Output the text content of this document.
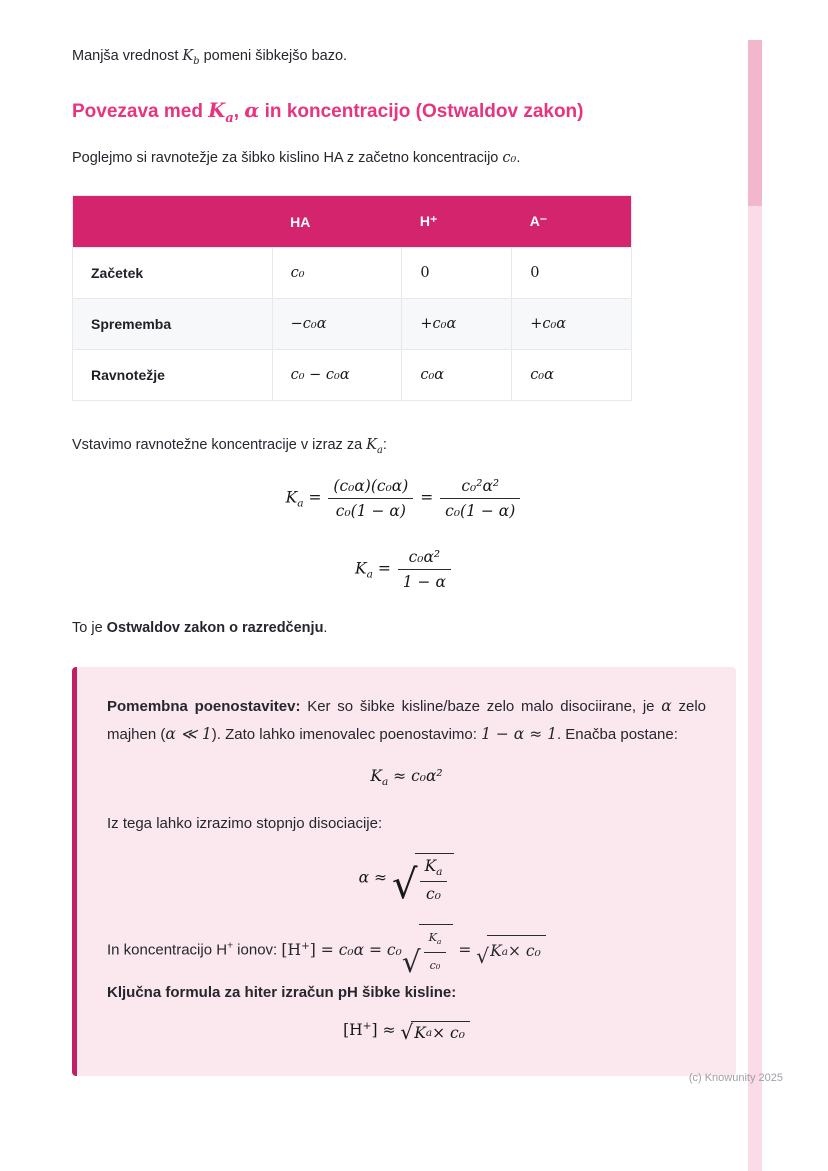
Manjša vrednost $K_b$ pomeni šibkejšo bazo.

Povezava med $K_a$, α in koncentracijo (Ostwaldov zakon)

Poglejmo si ravnotežje za šibko kislino HA z začetno koncentracijo c₀.

	HA	H⁺	A⁻
Začetek	c₀	0	0
Sprememba	−c₀α	+c₀α	+c₀α
Ravnotežje	c₀ − c₀α	c₀α	c₀α

Vstavimo ravnotežne koncentracije v izraz za $K_a$:

$K_a = \frac{\text{(c₀α)(c₀α)}}{\text{c₀(1 − α)}} = \frac{\text{c₀²α²}}{\text{c₀(1 − α)}}$
$K_a = \frac{\text{c₀α²}}{1 - \alpha}$

To je Ostwaldov zakon o razredčenju.

Pomembna poenostavitev: Ker so šibke kisline/baze zelo malo disociirane, je α zelo majhen (α ≪ 1). Zato lahko imenovalec poenostavimo: 1 − α ≈ 1. Enačba postane:

$K_a \approx c_0\alpha^2$

Iz tega lahko izrazimo stopnjo disociacije:

α ≈ √ $\frac{K_a}{\text{c₀}}$

In koncentracijo H+ ionov: [H+] = c₀α = c₀ √ $\frac{K_a}{\text{c₀}}$ = √ K a × c₀

Ključna formula za hiter izračun pH šibke kisline:

[H+] ≈ √ K a × c₀
(c) Knowunity 2025
